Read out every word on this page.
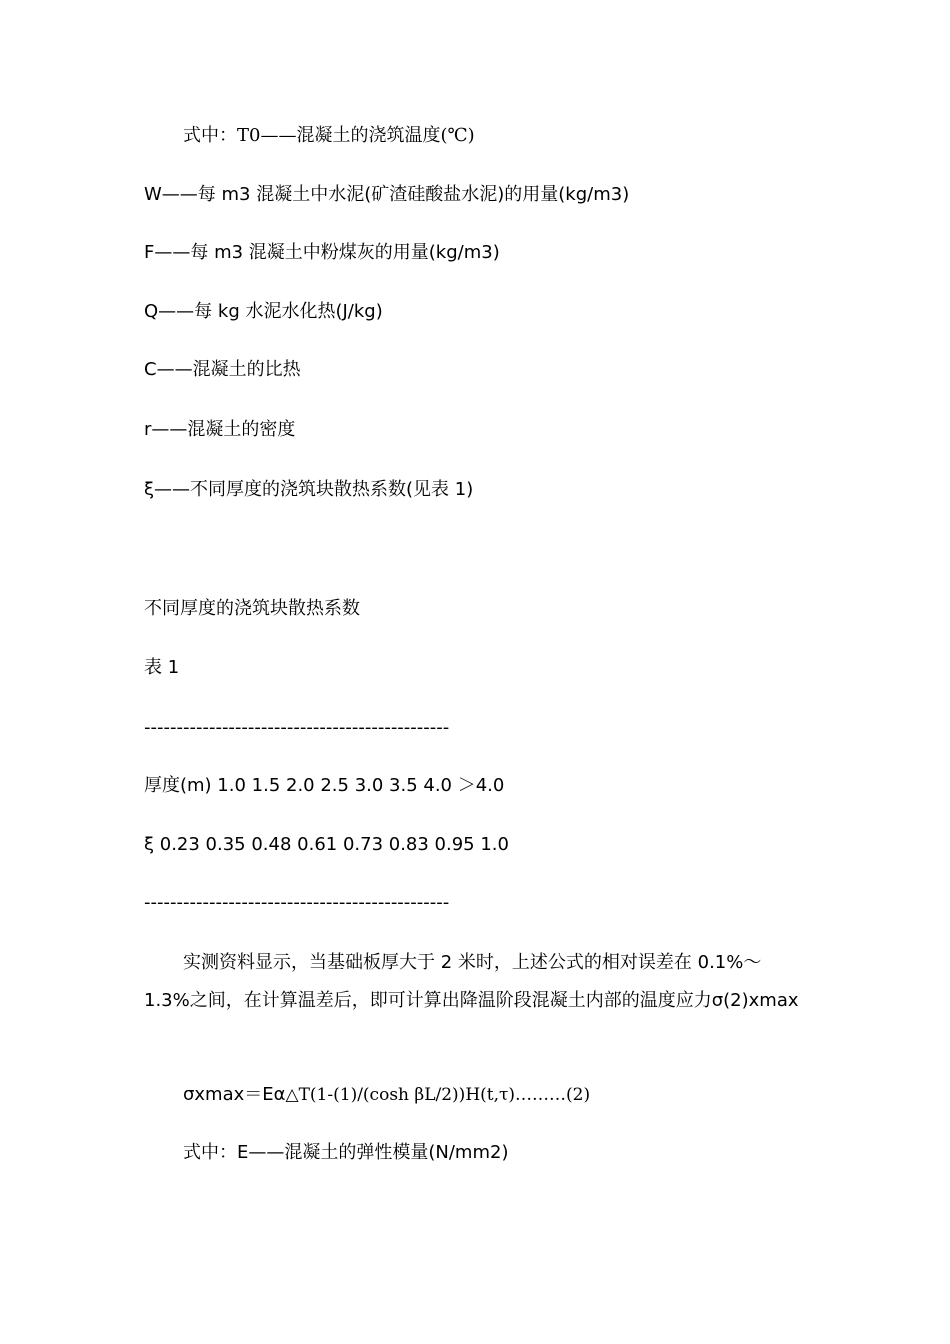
式中：T0——混凝土的浇筑温度(℃)
W——每 m3 混凝土中水泥(矿渣硅酸盐水泥)的用量(kg/m3)
F——每 m3 混凝土中粉煤灰的用量(kg/m3)
Q——每 kg 水泥水化热(J/kg)
C——混凝土的比热
r——混凝土的密度
ξ——不同厚度的浇筑块散热系数(见表 1)
不同厚度的浇筑块散热系数
表 1
-----------------------------------------------
厚度(m) 1.0 1.5 2.0 2.5 3.0 3.5 4.0 ＞4.0
ξ 0.23 0.35 0.48 0.61 0.73 0.83 0.95 1.0
-----------------------------------------------
实测资料显示，当基础板厚大于 2 米时，上述公式的相对误差在 0.1%～1.3%之间，在计算温差后，即可计算出降温阶段混凝土内部的温度应力σ(2)xmax
σxmax＝Eα△T(1-(1)/(cosh βL/2))H(t,τ)………(2)
式中：E——混凝土的弹性模量(N/mm2)
